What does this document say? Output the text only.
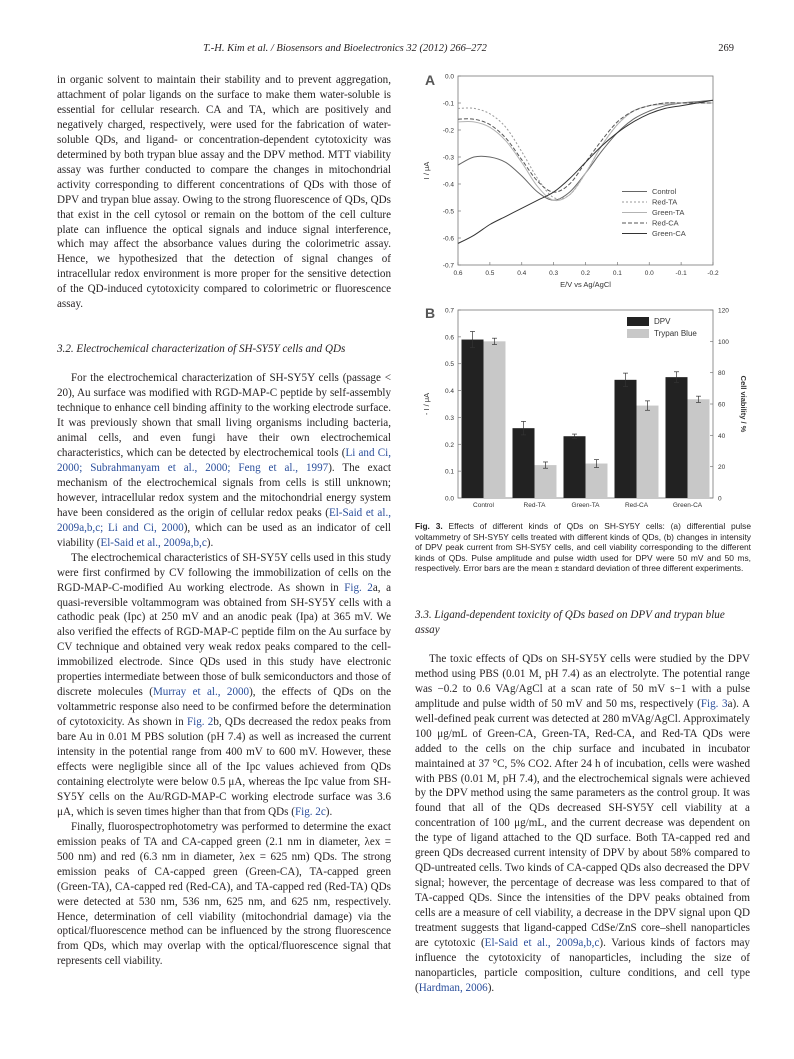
T.-H. Kim et al. / Biosensors and Bioelectronics 32 (2012) 266–272	269

in organic solvent to maintain their stability and to prevent aggregation, attachment of polar ligands on the surface to make them water-soluble is essential for cellular research. CA and TA, which are positively and negatively charged, respectively, were used for the fabrication of water-soluble QDs, and ligand- or concentration-dependent cytotoxicity was determined by both trypan blue assay and the DPV method. MTT viability assay was further conducted to compare the changes in mitochondrial activity corresponding to different concentrations of QDs with those of DPV and trypan blue assay. Owing to the strong fluorescence of QDs, QDs that exist in the cell cytosol or remain on the bottom of the cell culture plate can influence the optical signals and induce signal interference, which may affect the absorbance values during the colorimetric assay. Hence, we hypothesized that the detection of signal changes of intracellular redox environment is more proper for the sensitive detection of the QD-induced cytotoxicity compared to colorimetric or fluorescence assay.

3.2. Electrochemical characterization of SH-SY5Y cells and QDs

For the electrochemical characterization of SH-SY5Y cells (passage < 20), Au surface was modified with RGD-MAP-C peptide by self-assembly technique to enhance cell binding affinity to the working electrode surface. It was previously shown that small living organisms including bacteria, animal cells, and even fungi have their own electrochemical characteristics, which can be detected by electrochemical tools (Li and Ci, 2000; Subrahmanyam et al., 2000; Feng et al., 1997). The exact mechanism of the electrochemical signals from cells is still unknown; however, intracellular redox system and the mitochondrial energy system have been considered as the origin of cellular redox peaks (El-Said et al., 2009a,b,c; Li and Ci, 2000), which can be used as an indicator of cell viability (El-Said et al., 2009a,b,c).

The electrochemical characteristics of SH-SY5Y cells used in this study were first confirmed by CV following the immobilization of cells on the RGD-MAP-C-modified Au working electrode. As shown in Fig. 2a, a quasi-reversible voltammogram was obtained from SH-SY5Y cells with a cathodic peak (Ipc) at 250 mV and an anodic peak (Ipa) at 365 mV. We also verified the effects of RGD-MAP-C peptide film on the Au surface by CV technique and obtained very weak redox peaks compared to the cell-immobilized electrode. Since QDs used in this study have electronic properties intermediate between those of bulk semiconductors and those of discrete molecules (Murray et al., 2000), the effects of QDs on the voltammetric response also need to be confirmed before the determination of cytotoxicity. As shown in Fig. 2b, QDs decreased the redox peaks from bare Au in 0.01 M PBS solution (pH 7.4) as well as increased the current intensity in the potential range from 400 mV to 600 mV. However, these effects were negligible since all of the Ipc values achieved from QDs containing electrolyte were below 0.5 μA, whereas the Ipc value from SH-SY5Y cells on the Au/RGD-MAP-C working electrode surface was 3.6 μA, which is seven times higher than that from QDs (Fig. 2c).

Finally, fluorospectrophotometry was performed to determine the exact emission peaks of TA and CA-capped green (2.1 nm in diameter, λex = 500 nm) and red (6.3 nm in diameter, λex = 625 nm) QDs. The strong emission peaks of CA-capped green (Green-CA), TA-capped green (Green-TA), CA-capped red (Red-CA), and TA-capped red (Red-TA) QDs were detected at 530 nm, 536 nm, 625 nm, and 625 nm, respectively. Hence, determination of cell viability (mitochondrial damage) via the optical/fluorescence method can be influenced by the strong fluorescence from QDs, which may overlap with the optical/fluorescence signal that represents cell viability.

A
B
0.0
-0.1
-0.2
-0.3
-0.4
-0.5
-0.6
-0.7
0.6	0.5	0.4	0.3	0.2	0.1	0.0	-0.1	-0.2
E/V vs Ag/AgCl
I / μA
Control
Red-TA
Green-TA
Red-CA
Green-CA
0.0
0.1
0.2
0.3
0.4
0.5
0.6
0.7
0
20
40
60
80
100
120
- I / μA	Cell viability / %
Control	Red-TA	Green-TA	Red-CA	Green-CA
DPV
Trypan Blue
Fig. 3. Effects of different kinds of QDs on SH-SY5Y cells: (a) differential pulse voltammetry of SH-SY5Y cells treated with different kinds of QDs, (b) changes in intensity of DPV peak current from SH-SY5Y cells, and cell viability corresponding to the different kinds of QDs. Pulse amplitude and pulse width used for DPV were 50 mV and 50 ms, respectively. Error bars are the mean ± standard deviation of three different experiments.
3.3. Ligand-dependent toxicity of QDs based on DPV and trypan blue assay

The toxic effects of QDs on SH-SY5Y cells were studied by the DPV method using PBS (0.01 M, pH 7.4) as an electrolyte. The potential range was −0.2 to 0.6 VAg/AgCl at a scan rate of 50 mV s−1 with a pulse amplitude and pulse width of 50 mV and 50 ms, respectively (Fig. 3a). A well-defined peak current was detected at 280 mVAg/AgCl. Approximately 100 μg/mL of Green-CA, Green-TA, Red-CA, and Red-TA QDs were added to the cells on the chip surface and incubated in incubator maintained at 37 °C, 5% CO2. After 24 h of incubation, cells were washed with PBS (0.01 M, pH 7.4), and the electrochemical signals were achieved by the DPV method using the same parameters as the control group. It was found that all of the QDs decreased SH-SY5Y cell viability at a concentration of 100 μg/mL, and the current decrease was dependent on the type of ligand attached to the QD surface. Both TA-capped red and green QDs decreased current intensity of DPV by about 58% compared to QD-untreated cells. Two kinds of CA-capped QDs also decreased the DPV signal; however, the percentage of decrease was less compared to that of TA-capped QDs. Since the intensities of the DPV peaks obtained from cells are a measure of cell viability, a decrease in the DPV signal upon QD treatment suggests that ligand-capped CdSe/ZnS core–shell nanoparticles are cytotoxic (El-Said et al., 2009a,b,c). Various kinds of factors may influence the cytotoxicity of nanoparticles, including the size of nanoparticles, particle composition, culture conditions, and cell type (Hardman, 2006).
